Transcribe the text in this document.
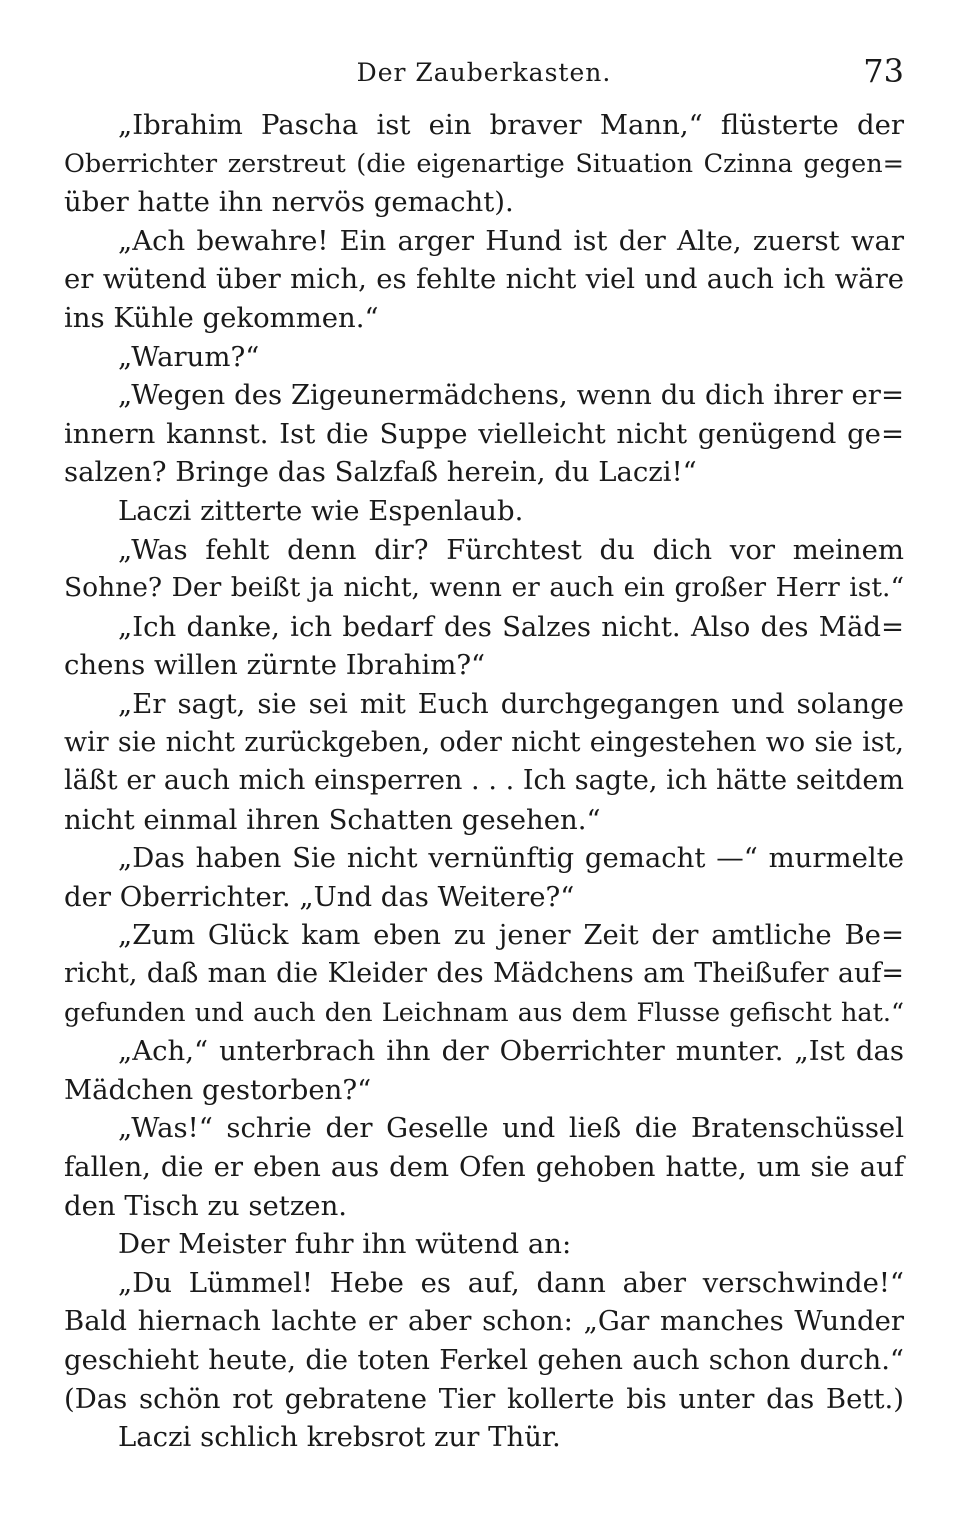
Der Zauberkasten.	73
„Ibrahim Pascha ist ein braver Mann,“ flüsterte der
Oberrichter zerstreut (die eigenartige Situation Czinna gegen=
über hatte ihn nervös gemacht).
„Ach bewahre! Ein arger Hund ist der Alte, zuerst war
er wütend über mich, es fehlte nicht viel und auch ich wäre
ins Kühle gekommen.“
„Warum?“
„Wegen des Zigeunermädchens, wenn du dich ihrer er=
innern kannst. Ist die Suppe vielleicht nicht genügend ge=
salzen? Bringe das Salzfaß herein, du Laczi!“
Laczi zitterte wie Espenlaub.
„Was fehlt denn dir? Fürchtest du dich vor meinem
Sohne? Der beißt ja nicht, wenn er auch ein großer Herr ist.“
„Ich danke, ich bedarf des Salzes nicht. Also des Mäd=
chens willen zürnte Ibrahim?“
„Er sagt, sie sei mit Euch durchgegangen und solange
wir sie nicht zurückgeben, oder nicht eingestehen wo sie ist,
läßt er auch mich einsperren . . . Ich sagte, ich hätte seitdem
nicht einmal ihren Schatten gesehen.“
„Das haben Sie nicht vernünftig gemacht —“ murmelte
der Oberrichter. „Und das Weitere?“
„Zum Glück kam eben zu jener Zeit der amtliche Be=
richt, daß man die Kleider des Mädchens am Theißufer auf=
gefunden und auch den Leichnam aus dem Flusse gefischt hat.“
„Ach,“ unterbrach ihn der Oberrichter munter. „Ist das
Mädchen gestorben?“
„Was!“ schrie der Geselle und ließ die Bratenschüssel
fallen, die er eben aus dem Ofen gehoben hatte, um sie auf
den Tisch zu setzen.
Der Meister fuhr ihn wütend an:
„Du Lümmel! Hebe es auf, dann aber verschwinde!“
Bald hiernach lachte er aber schon: „Gar manches Wunder
geschieht heute, die toten Ferkel gehen auch schon durch.“
(Das schön rot gebratene Tier kollerte bis unter das Bett.)
Laczi schlich krebsrot zur Thür.
